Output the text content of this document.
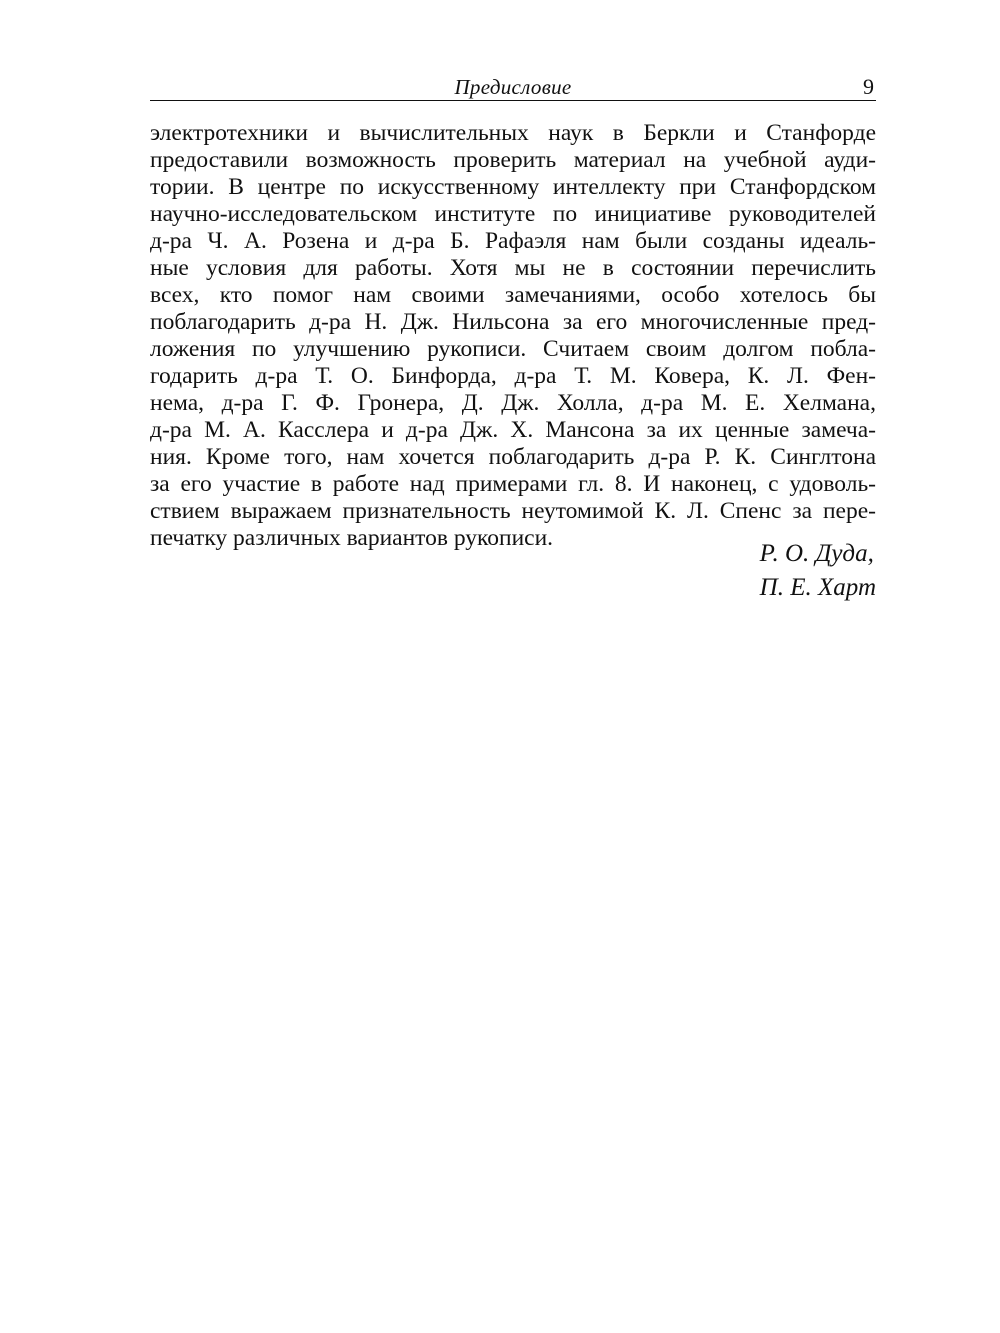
Предисловие	9
электротехники и вычислительных наук в Беркли и Станфорде
предоставили возможность проверить материал на учебной ауди-
тории. В центре по искусственному интеллекту при Станфордском
научно-исследовательском институте по инициативе руководителей
д-ра Ч. А. Розена и д-ра Б. Рафаэля нам были созданы идеаль-
ные условия для работы. Хотя мы не в состоянии перечислить
всех, кто помог нам своими замечаниями, особо хотелось бы
поблагодарить д-ра Н. Дж. Нильсона за его многочисленные пред-
ложения по улучшению рукописи. Считаем своим долгом побла-
годарить д-ра Т. О. Бинфорда, д-ра Т. М. Ковера, К. Л. Фен-
нема, д-ра Г. Ф. Гронера, Д. Дж. Холла, д-ра М. Е. Хелмана,
д-ра М. А. Касслера и д-ра Дж. Х. Мансона за их ценные замеча-
ния. Кроме того, нам хочется поблагодарить д-ра Р. К. Синглтона
за его участие в работе над примерами гл. 8. И наконец, с удоволь-
ствием выражаем признательность неутомимой К. Л. Спенс за пере-
печатку различных вариантов рукописи.
Р. О. Дуда,
П. Е. Харт
